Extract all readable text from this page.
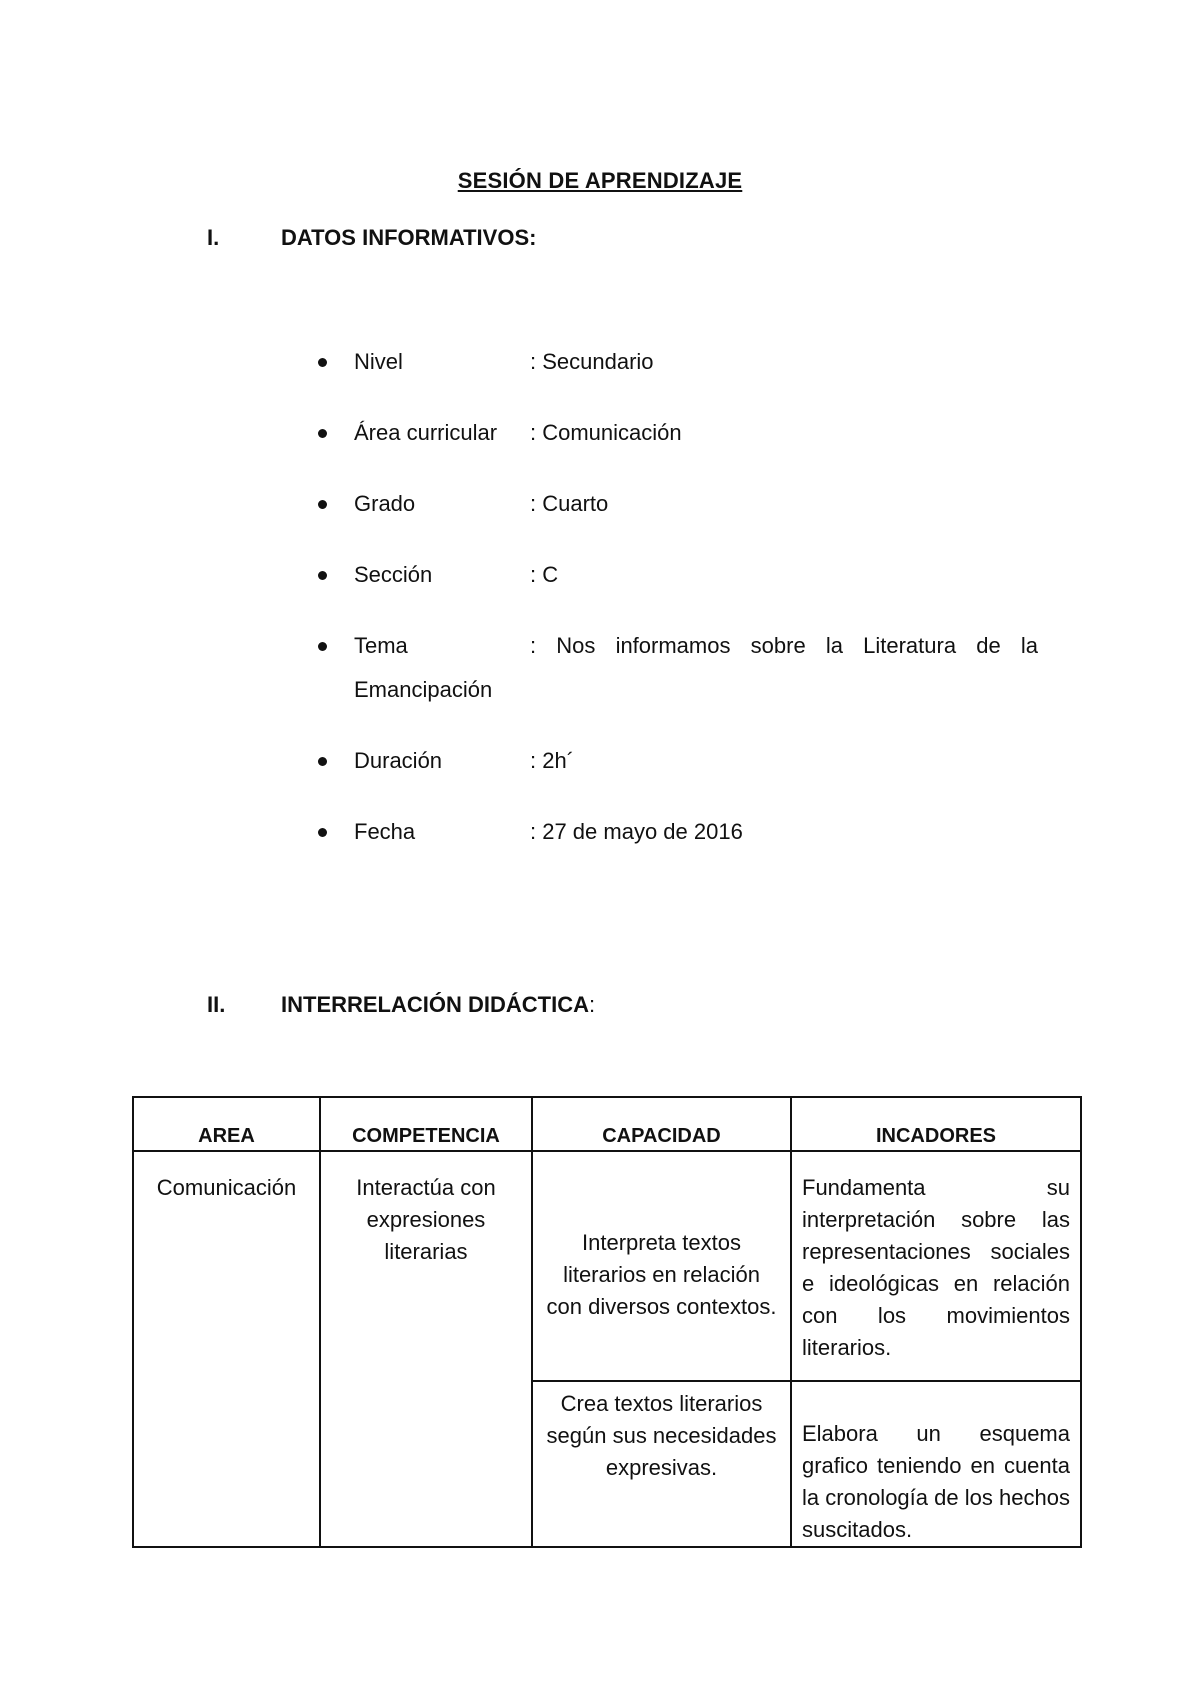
SESIÓN DE APRENDIZAJE
I.	DATOS INFORMATIVOS:
Nivel	: Secundario
Área curricular : Comunicación
Grado	: Cuarto
Sección	: C
Tema	: Nos informamos sobre la Literatura de la Emancipación
Duración	: 2h´
Fecha	: 27 de mayo de 2016
II.	INTERRELACIÓN DIDÁCTICA:
AREA	COMPETENCIA	CAPACIDAD	INCADORES
Comunicación	Interactúa con expresiones literarias	Interpreta textos literarios en relación con diversos contextos.	Fundamenta su interpretación sobre las representaciones sociales e ideológicas en relación con los movimientos literarios.
		Crea textos literarios según sus necesidades expresivas.	Elabora un esquema grafico teniendo en cuenta la cronología de los hechos suscitados.
